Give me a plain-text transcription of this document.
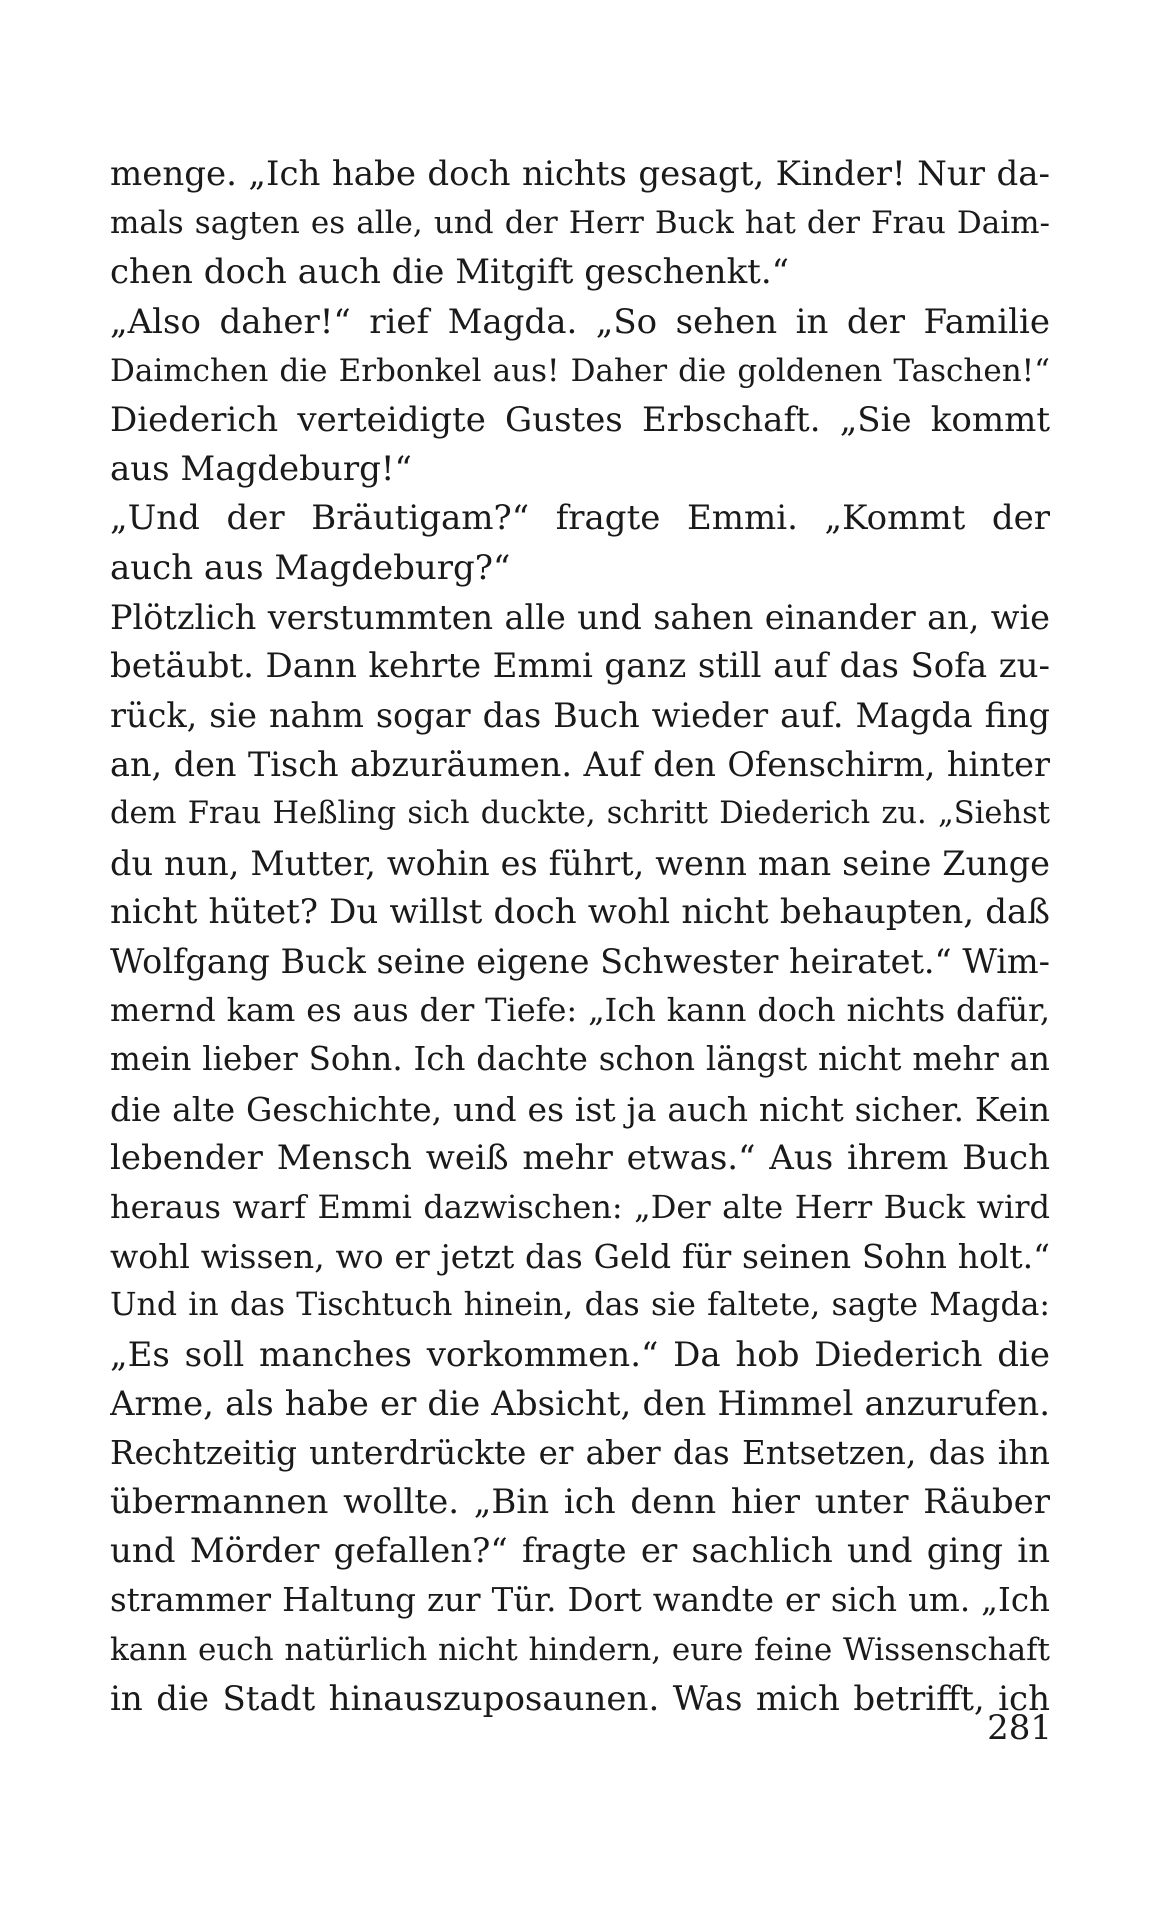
menge. „Ich habe doch nichts gesagt, Kinder! Nur da-
mals sagten es alle, und der Herr Buck hat der Frau Daim-
chen doch auch die Mitgift geschenkt.“
„Also daher!“ rief Magda. „So sehen in der Familie
Daimchen die Erbonkel aus! Daher die goldenen Taschen!“
Diederich verteidigte Gustes Erbschaft. „Sie kommt
aus Magdeburg!“
„Und der Bräutigam?“ fragte Emmi. „Kommt der
auch aus Magdeburg?“
Plötzlich verstummten alle und sahen einander an, wie
betäubt. Dann kehrte Emmi ganz still auf das Sofa zu-
rück, sie nahm sogar das Buch wieder auf. Magda fing
an, den Tisch abzuräumen. Auf den Ofenschirm, hinter
dem Frau Heßling sich duckte, schritt Diederich zu. „Siehst
du nun, Mutter, wohin es führt, wenn man seine Zunge
nicht hütet? Du willst doch wohl nicht behaupten, daß
Wolfgang Buck seine eigene Schwester heiratet.“ Wim-
mernd kam es aus der Tiefe: „Ich kann doch nichts dafür,
mein lieber Sohn. Ich dachte schon längst nicht mehr an
die alte Geschichte, und es ist ja auch nicht sicher. Kein
lebender Mensch weiß mehr etwas.“ Aus ihrem Buch
heraus warf Emmi dazwischen: „Der alte Herr Buck wird
wohl wissen, wo er jetzt das Geld für seinen Sohn holt.“
Und in das Tischtuch hinein, das sie faltete, sagte Magda:
„Es soll manches vorkommen.“ Da hob Diederich die
Arme, als habe er die Absicht, den Himmel anzurufen.
Rechtzeitig unterdrückte er aber das Entsetzen, das ihn
übermannen wollte. „Bin ich denn hier unter Räuber
und Mörder gefallen?“ fragte er sachlich und ging in
strammer Haltung zur Tür. Dort wandte er sich um. „Ich
kann euch natürlich nicht hindern, eure feine Wissenschaft
in die Stadt hinauszuposaunen. Was mich betrifft, ich
281
